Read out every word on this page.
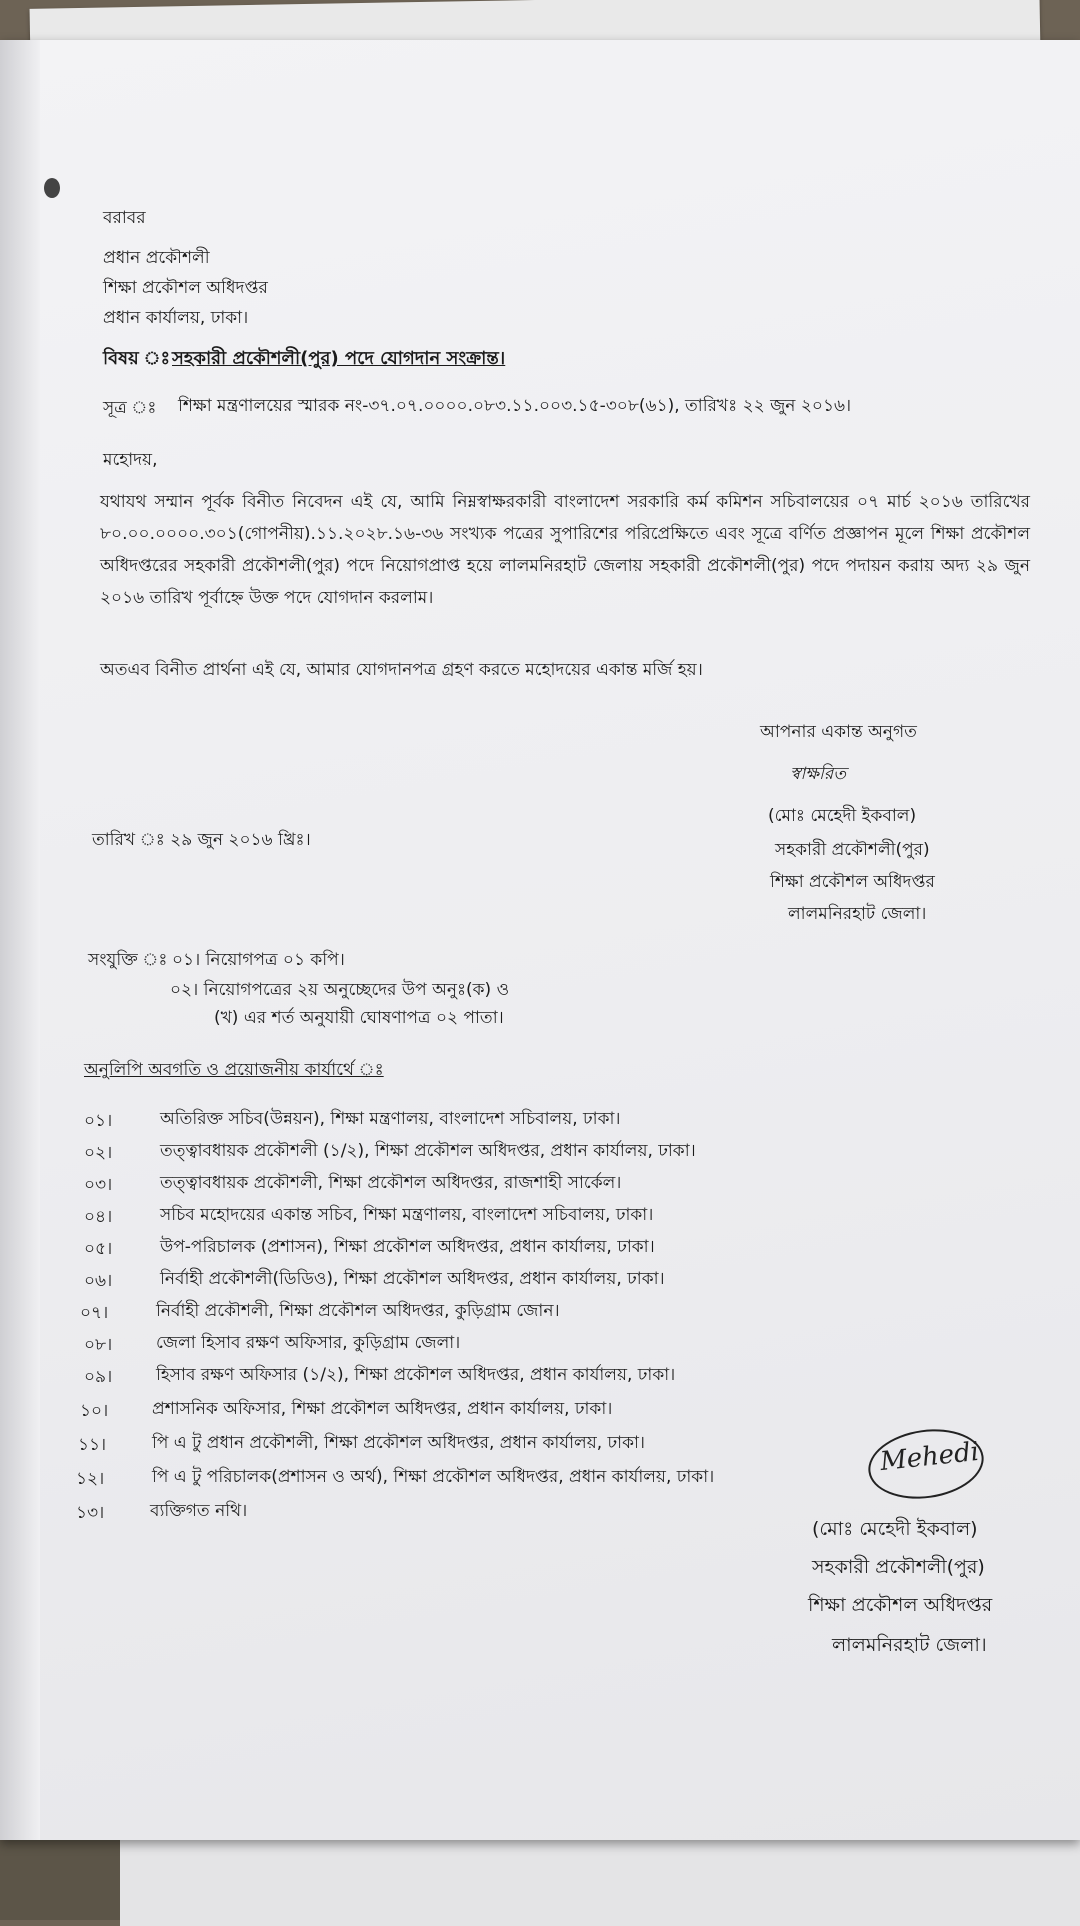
বরাবর
প্রধান প্রকৌশলী
শিক্ষা প্রকৌশল অধিদপ্তর
প্রধান কার্যালয়, ঢাকা।
বিষয় ঃ সহকারী প্রকৌশলী(পুর) পদে যোগদান সংক্রান্ত।
সূত্র ঃ শিক্ষা মন্ত্রণালয়ের স্মারক নং-৩৭.০৭.০০০০.০৮৩.১১.০০৩.১৫-৩০৮(৬১), তারিখঃ ২২ জুন ২০১৬।
মহোদয়,
যথাযথ সম্মান পূর্বক বিনীত নিবেদন এই যে, আমি নিম্নস্বাক্ষরকারী বাংলাদেশ সরকারি কর্ম কমিশন সচিবালয়ের ০৭ মার্চ ২০১৬ তারিখের ৮০.০০.০০০০.৩০১(গোপনীয়).১১.২০২৮.১৬-৩৬ সংখ্যক পত্রের সুপারিশের পরিপ্রেক্ষিতে এবং সূত্রে বর্ণিত প্রজ্ঞাপন মূলে শিক্ষা প্রকৌশল অধিদপ্তরের সহকারী প্রকৌশলী(পুর) পদে নিয়োগপ্রাপ্ত হয়ে লালমনিরহাট জেলায় সহকারী প্রকৌশলী(পুর) পদে পদায়ন করায় অদ্য ২৯ জুন ২০১৬ তারিখ পূর্বাহ্নে উক্ত পদে যোগদান করলাম।
অতএব বিনীত প্রার্থনা এই যে, আমার যোগদানপত্র গ্রহণ করতে মহোদয়ের একান্ত মর্জি হয়।
আপনার একান্ত অনুগত
স্বাক্ষরিত
(মোঃ মেহেদী ইকবাল)
সহকারী প্রকৌশলী(পুর)
শিক্ষা প্রকৌশল অধিদপ্তর
লালমনিরহাট জেলা।
তারিখ ঃ ২৯ জুন ২০১৬ খ্রিঃ।
সংযুক্তি ঃ ০১। নিয়োগপত্র ০১ কপি।
০২। নিয়োগপত্রের ২য় অনুচ্ছেদের উপ অনুঃ(ক) ও
(খ) এর শর্ত অনুযায়ী ঘোষণাপত্র ০২ পাতা।
অনুলিপি অবগতি ও প্রয়োজনীয় কার্যার্থে ঃ
০১।	অতিরিক্ত সচিব(উন্নয়ন), শিক্ষা মন্ত্রণালয়, বাংলাদেশ সচিবালয়, ঢাকা।
০২।	তত্ত্বাবধায়ক প্রকৌশলী (১/২), শিক্ষা প্রকৌশল অধিদপ্তর, প্রধান কার্যালয়, ঢাকা।
০৩।	তত্ত্বাবধায়ক প্রকৌশলী, শিক্ষা প্রকৌশল অধিদপ্তর, রাজশাহী সার্কেল।
০৪।	সচিব মহোদয়ের একান্ত সচিব, শিক্ষা মন্ত্রণালয়, বাংলাদেশ সচিবালয়, ঢাকা।
০৫।	উপ-পরিচালক (প্রশাসন), শিক্ষা প্রকৌশল অধিদপ্তর, প্রধান কার্যালয়, ঢাকা।
০৬।	নির্বাহী প্রকৌশলী(ডিডিও), শিক্ষা প্রকৌশল অধিদপ্তর, প্রধান কার্যালয়, ঢাকা।
০৭।	নির্বাহী প্রকৌশলী, শিক্ষা প্রকৌশল অধিদপ্তর, কুড়িগ্রাম জোন।
০৮।	জেলা হিসাব রক্ষণ অফিসার, কুড়িগ্রাম জেলা।
০৯।	হিসাব রক্ষণ অফিসার (১/২), শিক্ষা প্রকৌশল অধিদপ্তর, প্রধান কার্যালয়, ঢাকা।
১০।	প্রশাসনিক অফিসার, শিক্ষা প্রকৌশল অধিদপ্তর, প্রধান কার্যালয়, ঢাকা।
১১।	পি এ টু প্রধান প্রকৌশলী, শিক্ষা প্রকৌশল অধিদপ্তর, প্রধান কার্যালয়, ঢাকা।
১২।	পি এ টু পরিচালক(প্রশাসন ও অর্থ), শিক্ষা প্রকৌশল অধিদপ্তর, প্রধান কার্যালয়, ঢাকা।
১৩।	ব্যক্তিগত নথি।
Mehedi
(মোঃ মেহেদী ইকবাল)
সহকারী প্রকৌশলী(পুর)
শিক্ষা প্রকৌশল অধিদপ্তর
লালমনিরহাট জেলা।
